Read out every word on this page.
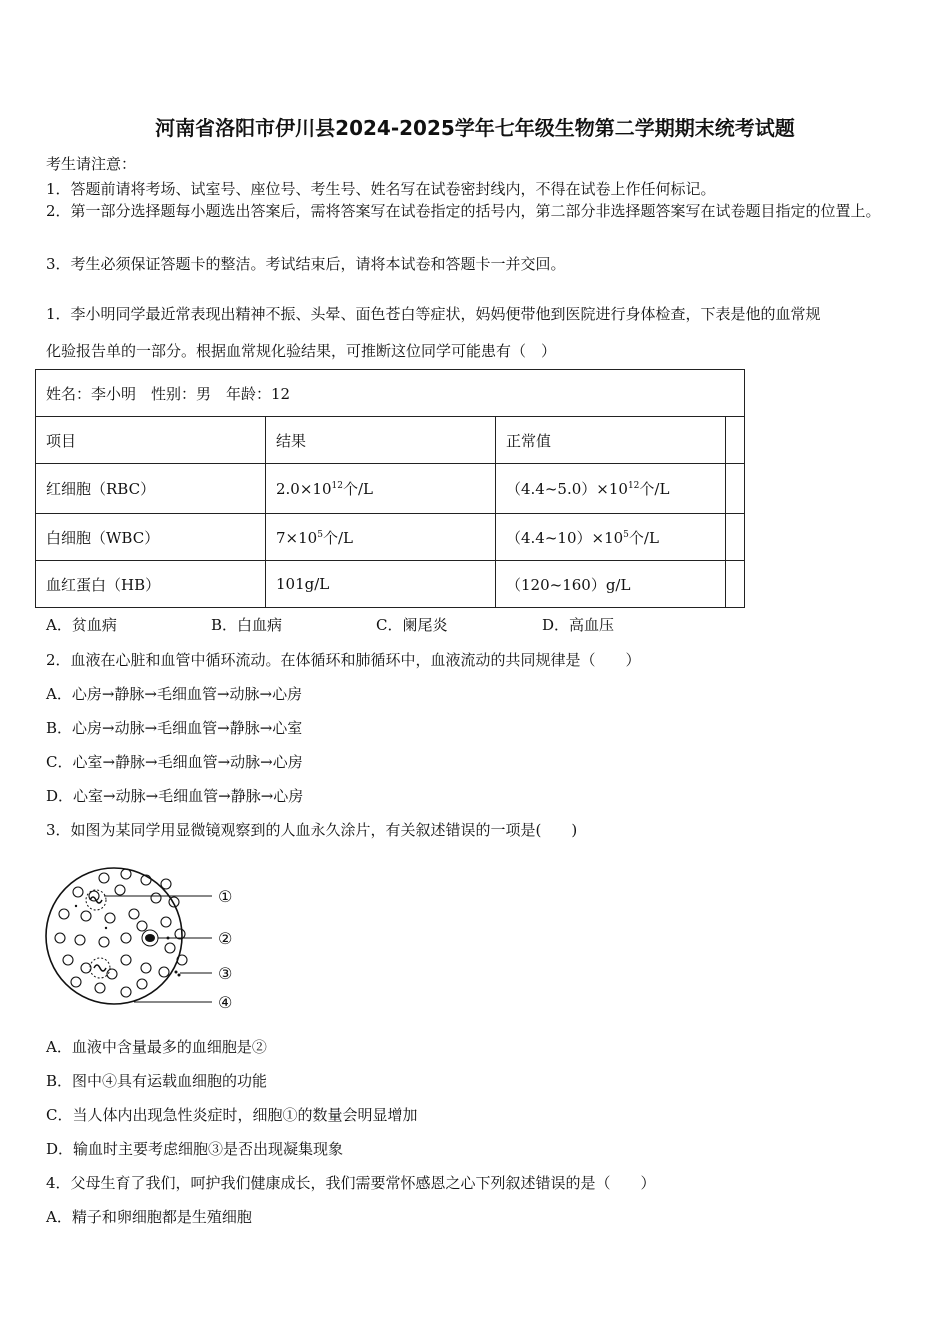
河南省洛阳市伊川县2024-2025学年七年级生物第二学期期末统考试题
考生请注意：
1．答题前请将考场、试室号、座位号、考生号、姓名写在试卷密封线内，不得在试卷上作任何标记。
2．第一部分选择题每小题选出答案后，需将答案写在试卷指定的括号内，第二部分非选择题答案写在试卷题目指定的位置上。
3．考生必须保证答题卡的整洁。考试结束后，请将本试卷和答题卡一并交回。
1．李小明同学最近常表现出精神不振、头晕、面色苍白等症状，妈妈便带他到医院进行身体检查，下表是他的血常规
化验报告单的一部分。根据血常规化验结果，可推断这位同学可能患有（　）
姓名：李小明　性别：男　年龄：12			
项目	结果	正常值	
红细胞（RBC）	$2.0\times 10^{12}$个/L	$(4.4\sim 5.0)\times 10^{12}$个/L	
白细胞（WBC）	$7\times 10^5$个/L	$(4.4\sim 10)\times 10^5$个/L	
血红蛋白（HB）	101g/L	（120~160）g/L	
A．贫血病	B．白血病	C．阑尾炎	D．高血压
2．血液在心脏和血管中循环流动。在体循环和肺循环中，血液流动的共同规律是（　　）
A．心房→静脉→毛细血管→动脉→心房
B．心房→动脉→毛细血管→静脉→心室
C．心室→静脉→毛细血管→动脉→心房
D．心室→动脉→毛细血管→静脉→心房
3．如图为某同学用显微镜观察到的人血永久涂片，有关叙述错误的一项是(　　)
①
②
③
④
A．血液中含量最多的血细胞是②
B．图中④具有运载血细胞的功能
C．当人体内出现急性炎症时，细胞①的数量会明显增加
D．输血时主要考虑细胞③是否出现凝集现象
4．父母生育了我们，呵护我们健康成长，我们需要常怀感恩之心下列叙述错误的是（　　）
A．精子和卵细胞都是生殖细胞
